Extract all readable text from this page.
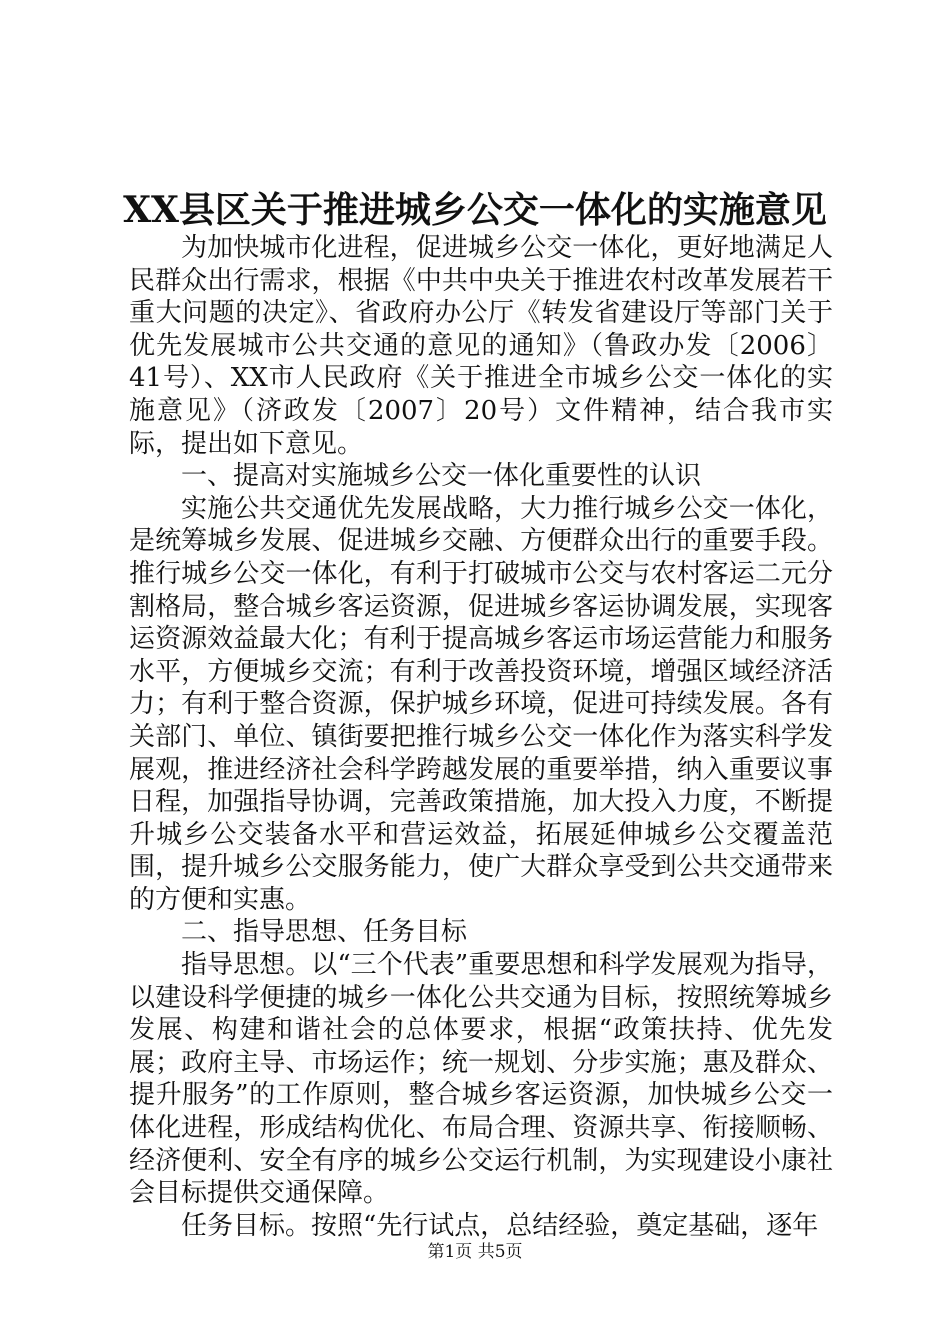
XX县区关于推进城乡公交一体化的实施意见

为加快城市化进程，促进城乡公交一体化，更好地满足人民群众出行需求，根据《中共中央关于推进农村改革发展若干重大问题的决定》、省政府办公厅《转发省建设厅等部门关于优先发展城市公共交通的意见的通知》（鲁政办发〔2006〕41号）、XX市人民政府《关于推进全市城乡公交一体化的实施意见》（济政发〔2007〕20号）文件精神，结合我市实际，提出如下意见。

一、提高对实施城乡公交一体化重要性的认识

实施公共交通优先发展战略，大力推行城乡公交一体化，是统筹城乡发展、促进城乡交融、方便群众出行的重要手段。推行城乡公交一体化，有利于打破城市公交与农村客运二元分割格局，整合城乡客运资源，促进城乡客运协调发展，实现客运资源效益最大化；有利于提高城乡客运市场运营能力和服务水平，方便城乡交流；有利于改善投资环境，增强区域经济活力；有利于整合资源，保护城乡环境，促进可持续发展。各有关部门、单位、镇街要把推行城乡公交一体化作为落实科学发展观，推进经济社会科学跨越发展的重要举措，纳入重要议事日程，加强指导协调，完善政策措施，加大投入力度，不断提升城乡公交装备水平和营运效益，拓展延伸城乡公交覆盖范围，提升城乡公交服务能力，使广大群众享受到公共交通带来的方便和实惠。

二、指导思想、任务目标

指导思想。以“三个代表”重要思想和科学发展观为指导，以建设科学便捷的城乡一体化公共交通为目标，按照统筹城乡发展、构建和谐社会的总体要求，根据“政策扶持、优先发展；政府主导、市场运作；统一规划、分步实施；惠及群众、提升服务”的工作原则，整合城乡客运资源，加快城乡公交一体化进程，形成结构优化、布局合理、资源共享、衔接顺畅、经济便利、安全有序的城乡公交运行机制，为实现建设小康社会目标提供交通保障。

任务目标。按照“先行试点，总结经验，奠定基础，逐年

第1页 共5页
